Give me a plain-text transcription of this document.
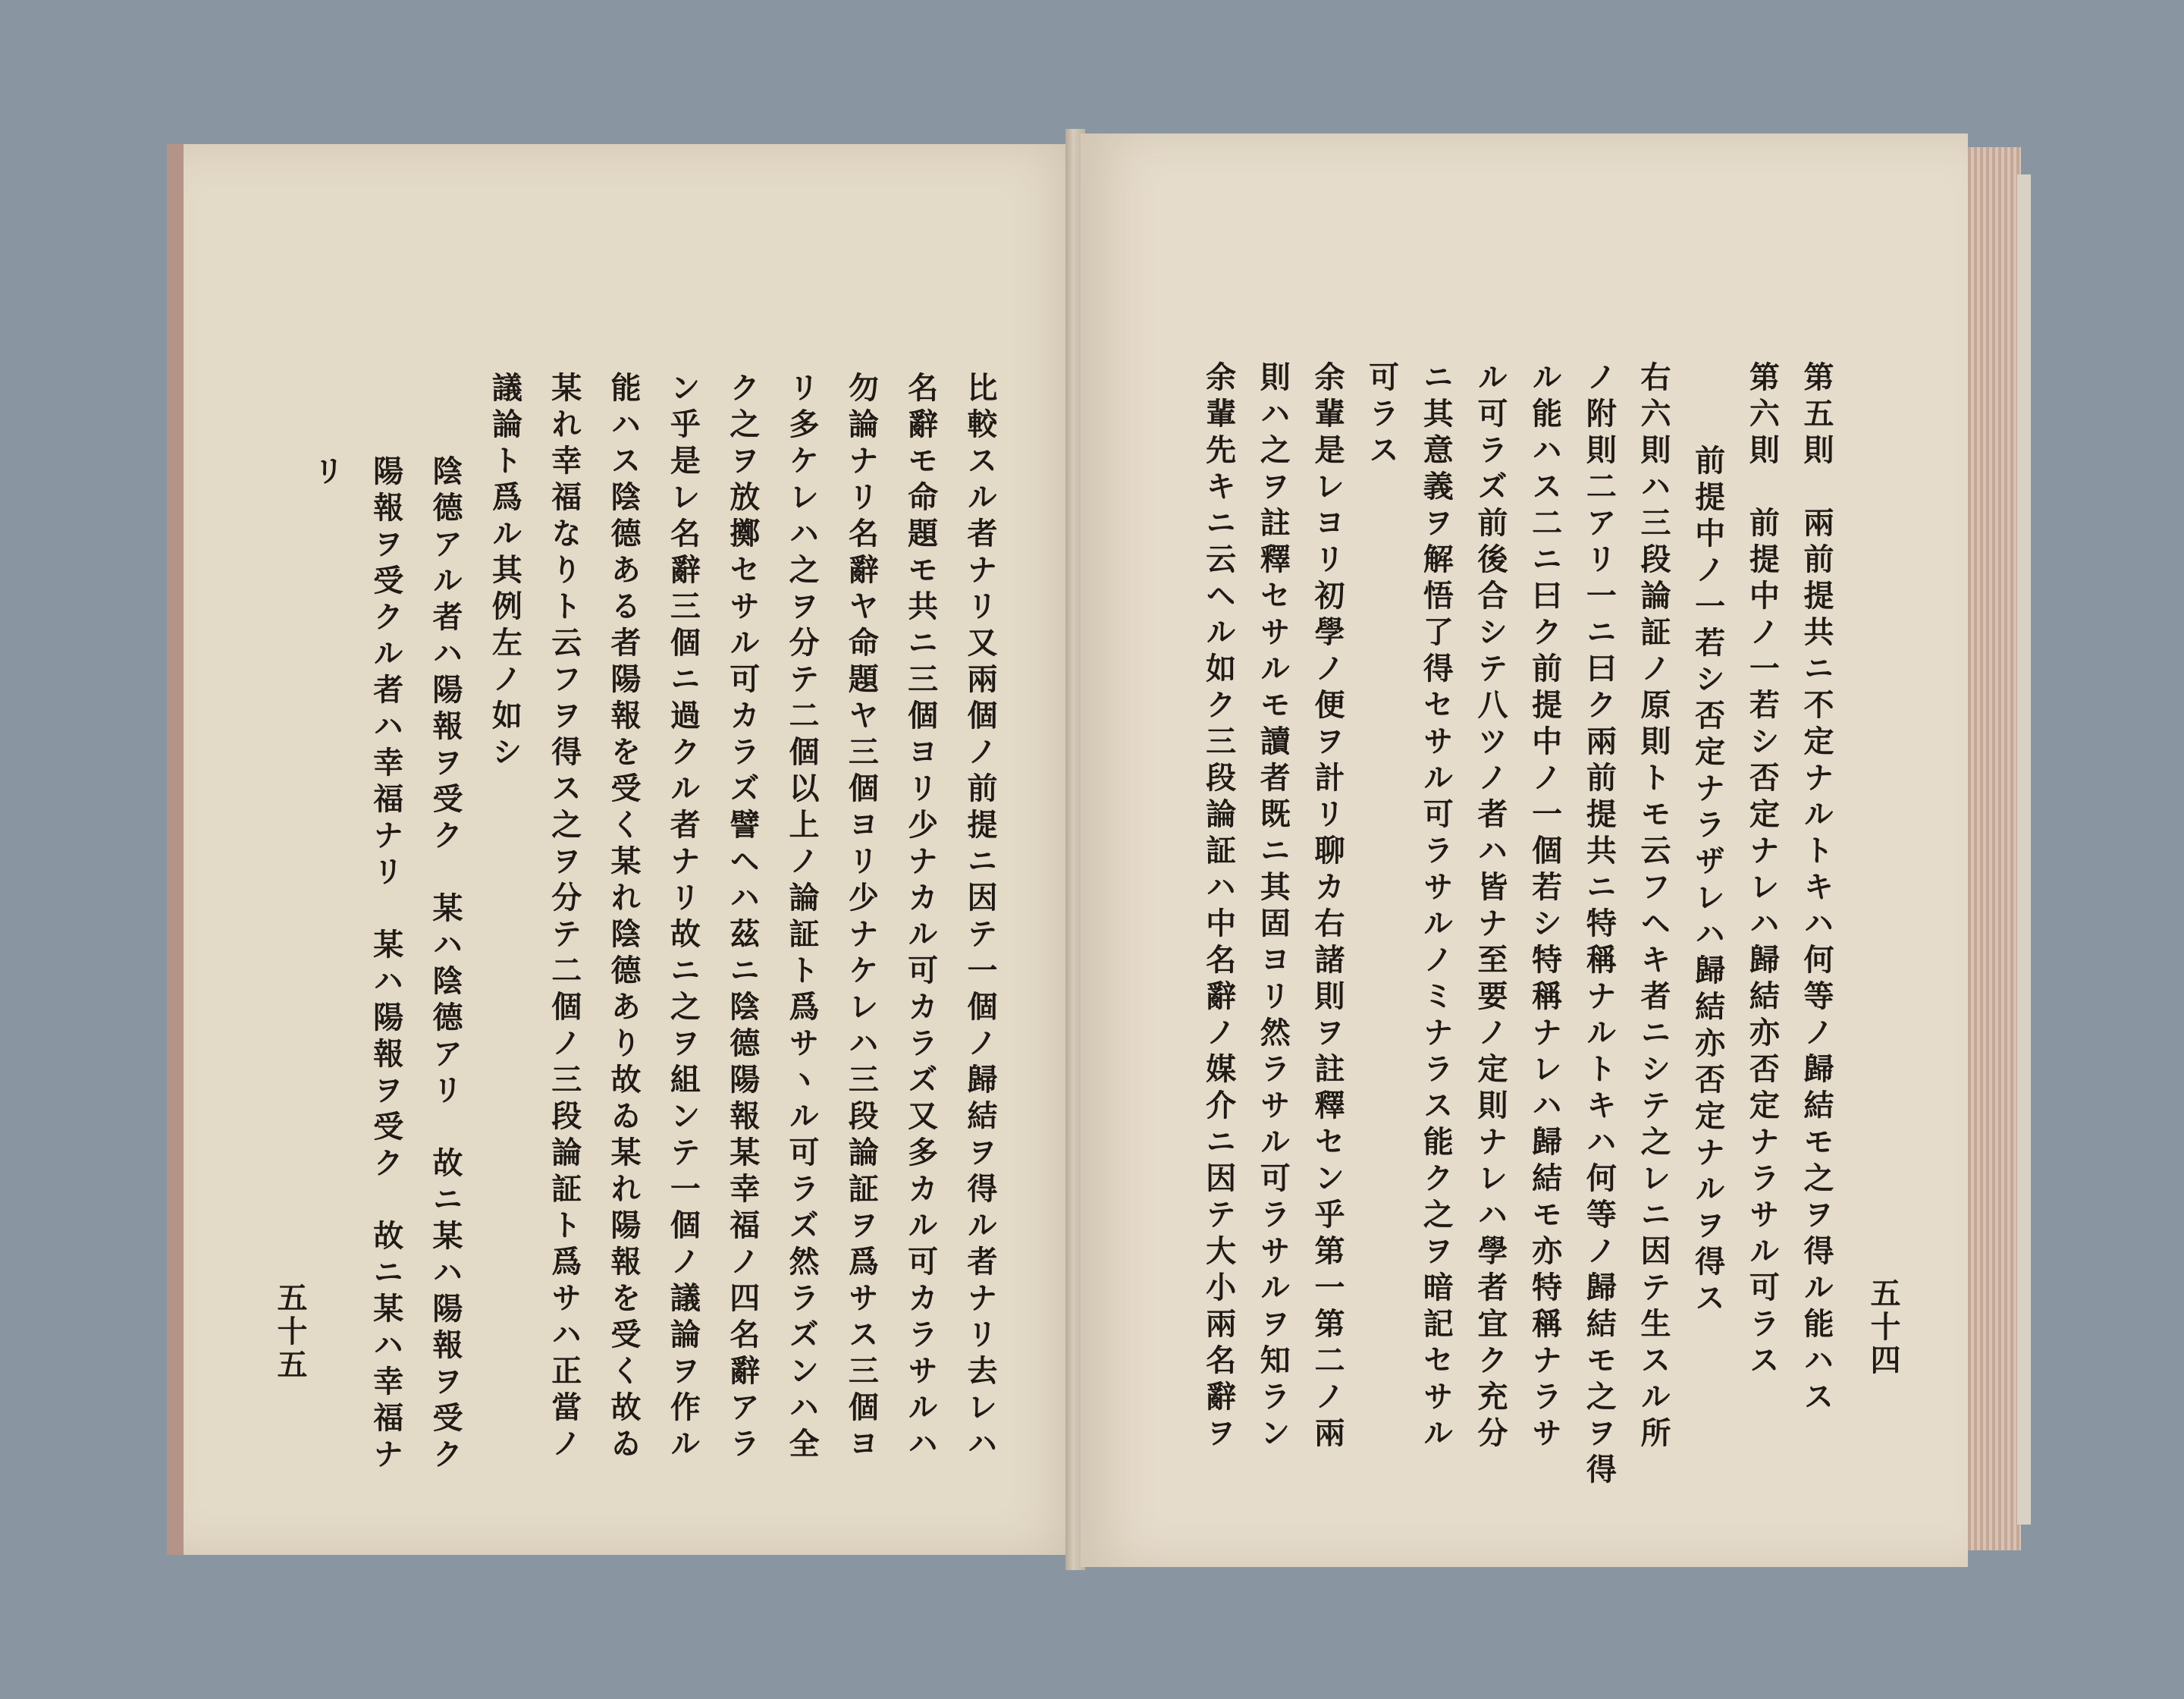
比較スル者ナリ又兩個ノ前提ニ因テ一個ノ歸結ヲ得ル者ナリ去レハ
名辭モ命題モ共ニ三個ヨリ少ナカル可カラズ又多カル可カラサルハ
勿論ナリ名辭ヤ命題ヤ三個ヨリ少ナケレハ三段論証ヲ爲サス三個ヨ
リ多ケレハ之ヲ分テ二個以上ノ論証ト爲サヽル可ラズ然ラズンハ全
ク之ヲ放擲セサル可カラズ譬ヘハ茲ニ陰德陽報某幸福ノ四名辭アラ
ン乎是レ名辭三個ニ過クル者ナリ故ニ之ヲ組ンテ一個ノ議論ヲ作ル
能ハス陰德ある者陽報を受く某れ陰德あり故ゐ某れ陽報を受く故ゐ
某れ幸福なりト云フヲ得ス之ヲ分テ二個ノ三段論証ト爲サハ正當ノ
議論ト爲ル其例左ノ如シ
陰德アル者ハ陽報ヲ受ク　某ハ陰德アリ　故ニ某ハ陽報ヲ受ク
陽報ヲ受クル者ハ幸福ナリ　某ハ陽報ヲ受ク　故ニ某ハ幸福ナ
リ
五十五	第五則　兩前提共ニ不定ナルトキハ何等ノ歸結モ之ヲ得ル能ハス
第六則　前提中ノ一若シ否定ナレハ歸結亦否定ナラサル可ラス
前提中ノ一若シ否定ナラザレハ歸結亦否定ナルヲ得ス
右六則ハ三段論証ノ原則トモ云フヘキ者ニシテ之レニ因テ生スル所
ノ附則二アリ一ニ曰ク兩前提共ニ特稱ナルトキハ何等ノ歸結モ之ヲ得
ル能ハス二ニ曰ク前提中ノ一個若シ特稱ナレハ歸結モ亦特稱ナラサ
ル可ラズ前後合シテ八ツノ者ハ皆ナ至要ノ定則ナレハ學者宜ク充分
ニ其意義ヲ解悟了得セサル可ラサルノミナラス能ク之ヲ暗記セサル
可ラス
余輩是レヨリ初學ノ便ヲ計リ聊カ右諸則ヲ註釋セン乎第一第二ノ兩
則ハ之ヲ註釋セサルモ讀者既ニ其固ヨリ然ラサル可ラサルヲ知ラン
余輩先キニ云ヘル如ク三段論証ハ中名辭ノ媒介ニ因テ大小兩名辭ヲ	五十四
